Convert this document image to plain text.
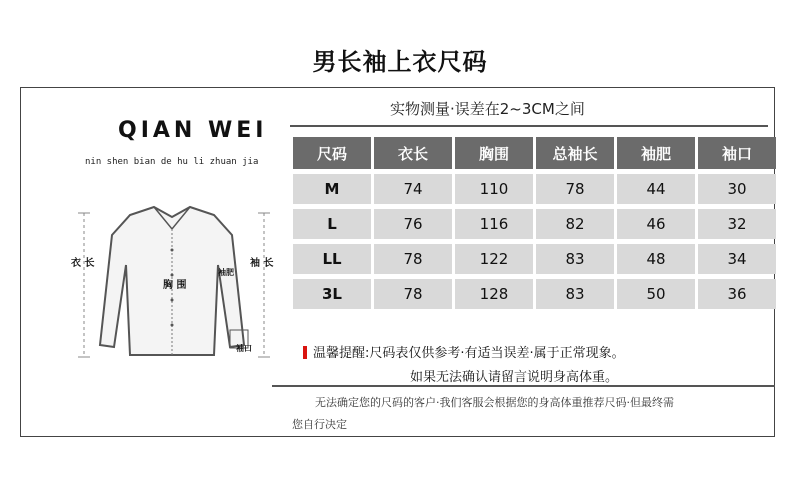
男长袖上衣尺码
QIAN WEI
nin shen bian de hu li zhuan jia
衣 长	袖 长
胸 围
袖肥
袖口
实物测量·误差在2~3CM之间
尺码	衣长	胸围	总袖长	袖肥	袖口
M	74	110	78	44	30
L	76	116	82	46	32
LL	78	122	83	48	34
3L	78	128	83	50	36
温馨提醒:尺码表仅供参考·有适当误差·属于正常现象。
如果无法确认请留言说明身高体重。
无法确定您的尺码的客户·我们客服会根据您的身高体重推荐尺码·但最终需
您自行决定
